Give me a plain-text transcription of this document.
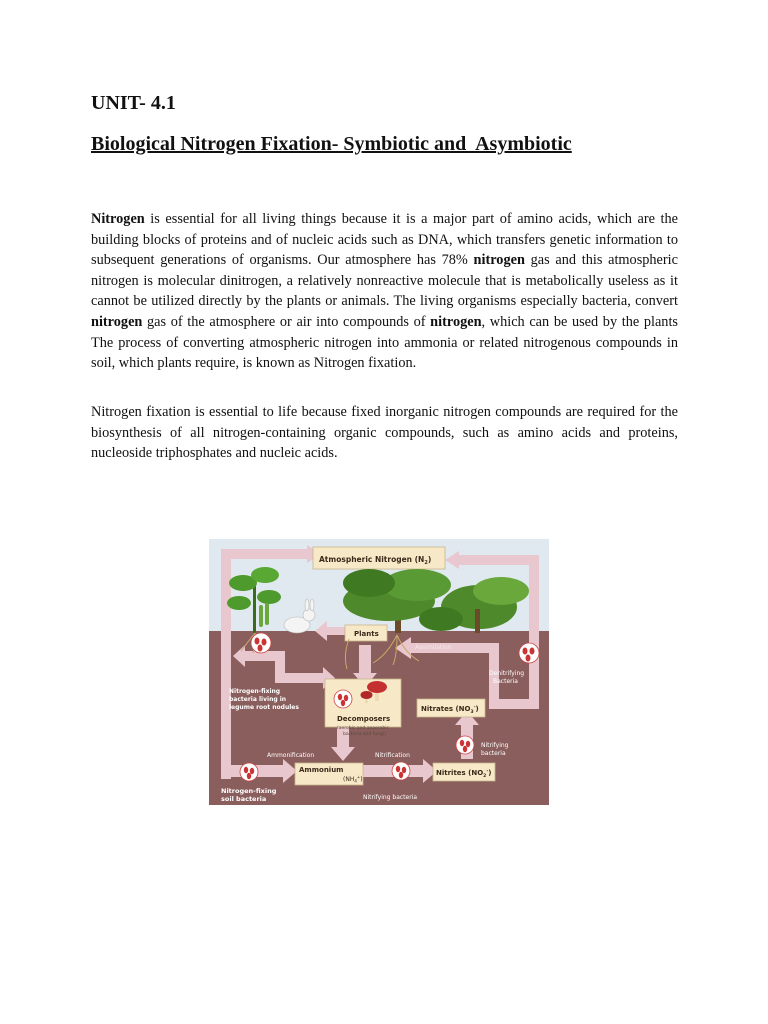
UNIT- 4.1
Biological Nitrogen Fixation- Symbiotic and  Asymbiotic

Nitrogen is essential for all living things because it is a major part of amino acids, which are the building blocks of proteins and of nucleic acids such as DNA, which transfers genetic information to subsequent generations of organisms. Our atmosphere has 78% nitrogen gas and this atmospheric nitrogen is molecular dinitrogen, a relatively nonreactive molecule that is metabolically useless as it cannot be utilized directly by the plants or animals. The living organisms especially bacteria, convert nitrogen gas of the atmosphere or air into compounds of nitrogen, which can be used by the plants The process of converting atmospheric nitrogen into ammonia or related nitrogenous compounds in soil, which plants require, is known as Nitrogen fixation.

Nitrogen fixation is essential to life because fixed inorganic nitrogen compounds are required for the biosynthesis of all nitrogen-containing organic compounds, such as amino acids and proteins, nucleoside triphosphates and nucleic acids.

Atmospheric Nitrogen $(N_2)$
Plants
Assimilation
Nitrogen-fixing
bacteria living in
legume root nodules
Denitrifying
Bacteria
Decomposers
(aerobic and anaerobic
bacteria and fungi)
Nitrates $(NO_3^-)$
Nitrifying
bacteria
Ammonification	Nitrification
Ammonium
$(NH_4^+)$
Nitrites $(NO_2^-)$
Nitrogen-fixing
soil bacteria	Nitrifying bacteria
